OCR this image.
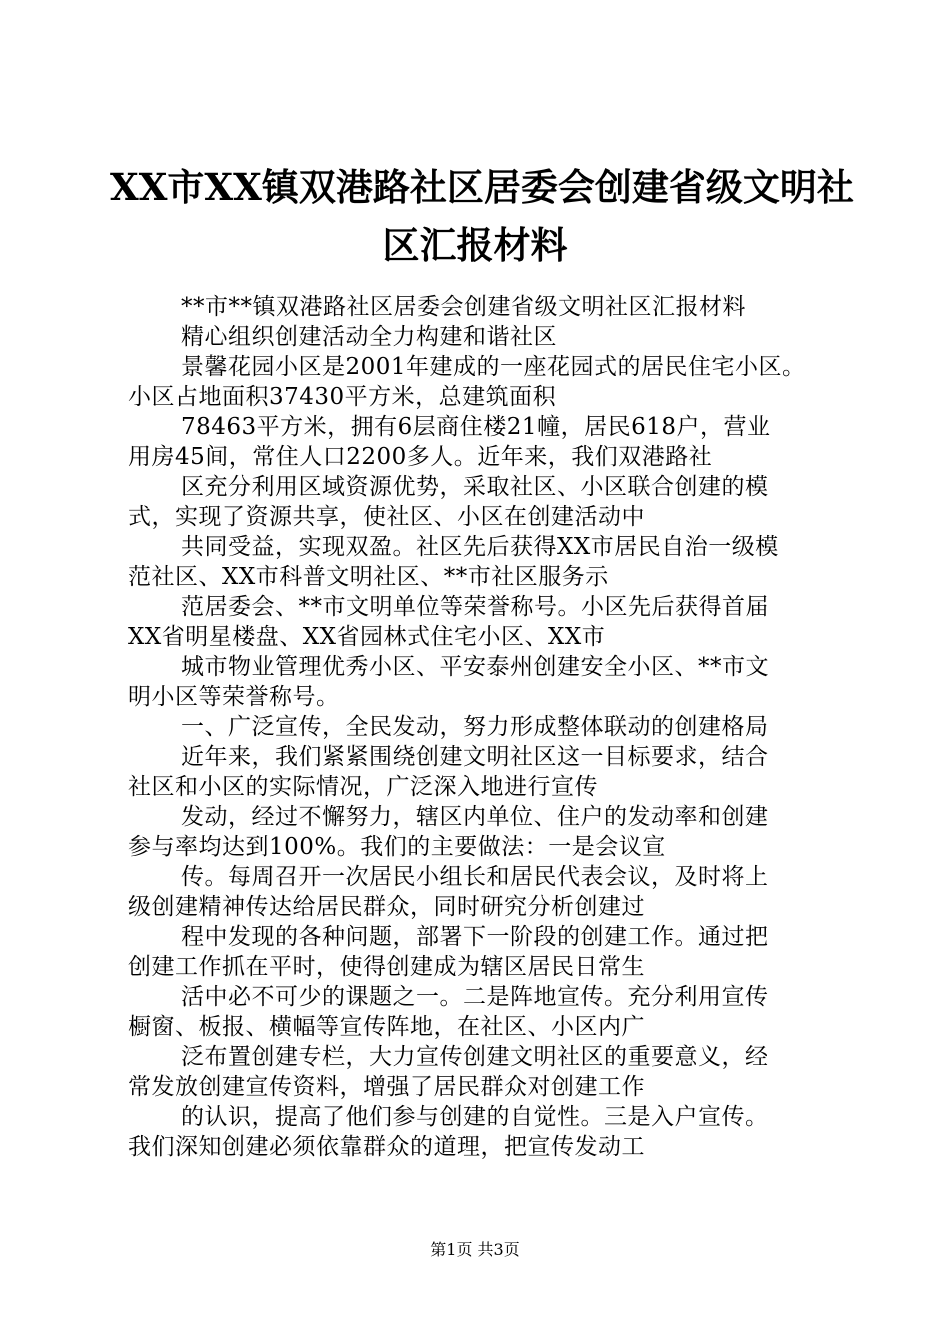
XX市XX镇双港路社区居委会创建省级文明社
区汇报材料
**市**镇双港路社区居委会创建省级文明社区汇报材料
精心组织创建活动全力构建和谐社区
景馨花园小区是2001年建成的一座花园式的居民住宅小区。
小区占地面积37430平方米，总建筑面积
78463平方米，拥有6层商住楼21幢，居民618户，营业
用房45间，常住人口2200多人。近年来，我们双港路社
区充分利用区域资源优势，采取社区、小区联合创建的模
式，实现了资源共享，使社区、小区在创建活动中
共同受益，实现双盈。社区先后获得XX市居民自治一级模
范社区、XX市科普文明社区、**市社区服务示
范居委会、**市文明单位等荣誉称号。小区先后获得首届
XX省明星楼盘、XX省园林式住宅小区、XX市
城市物业管理优秀小区、平安泰州创建安全小区、**市文
明小区等荣誉称号。
一、广泛宣传，全民发动，努力形成整体联动的创建格局
近年来，我们紧紧围绕创建文明社区这一目标要求，结合
社区和小区的实际情况，广泛深入地进行宣传
发动，经过不懈努力，辖区内单位、住户的发动率和创建
参与率均达到100%。我们的主要做法：一是会议宣
传。每周召开一次居民小组长和居民代表会议，及时将上
级创建精神传达给居民群众，同时研究分析创建过
程中发现的各种问题，部署下一阶段的创建工作。通过把
创建工作抓在平时，使得创建成为辖区居民日常生
活中必不可少的课题之一。二是阵地宣传。充分利用宣传
橱窗、板报、横幅等宣传阵地，在社区、小区内广
泛布置创建专栏，大力宣传创建文明社区的重要意义，经
常发放创建宣传资料，增强了居民群众对创建工作
的认识，提高了他们参与创建的自觉性。三是入户宣传。
我们深知创建必须依靠群众的道理，把宣传发动工
第1页 共3页
